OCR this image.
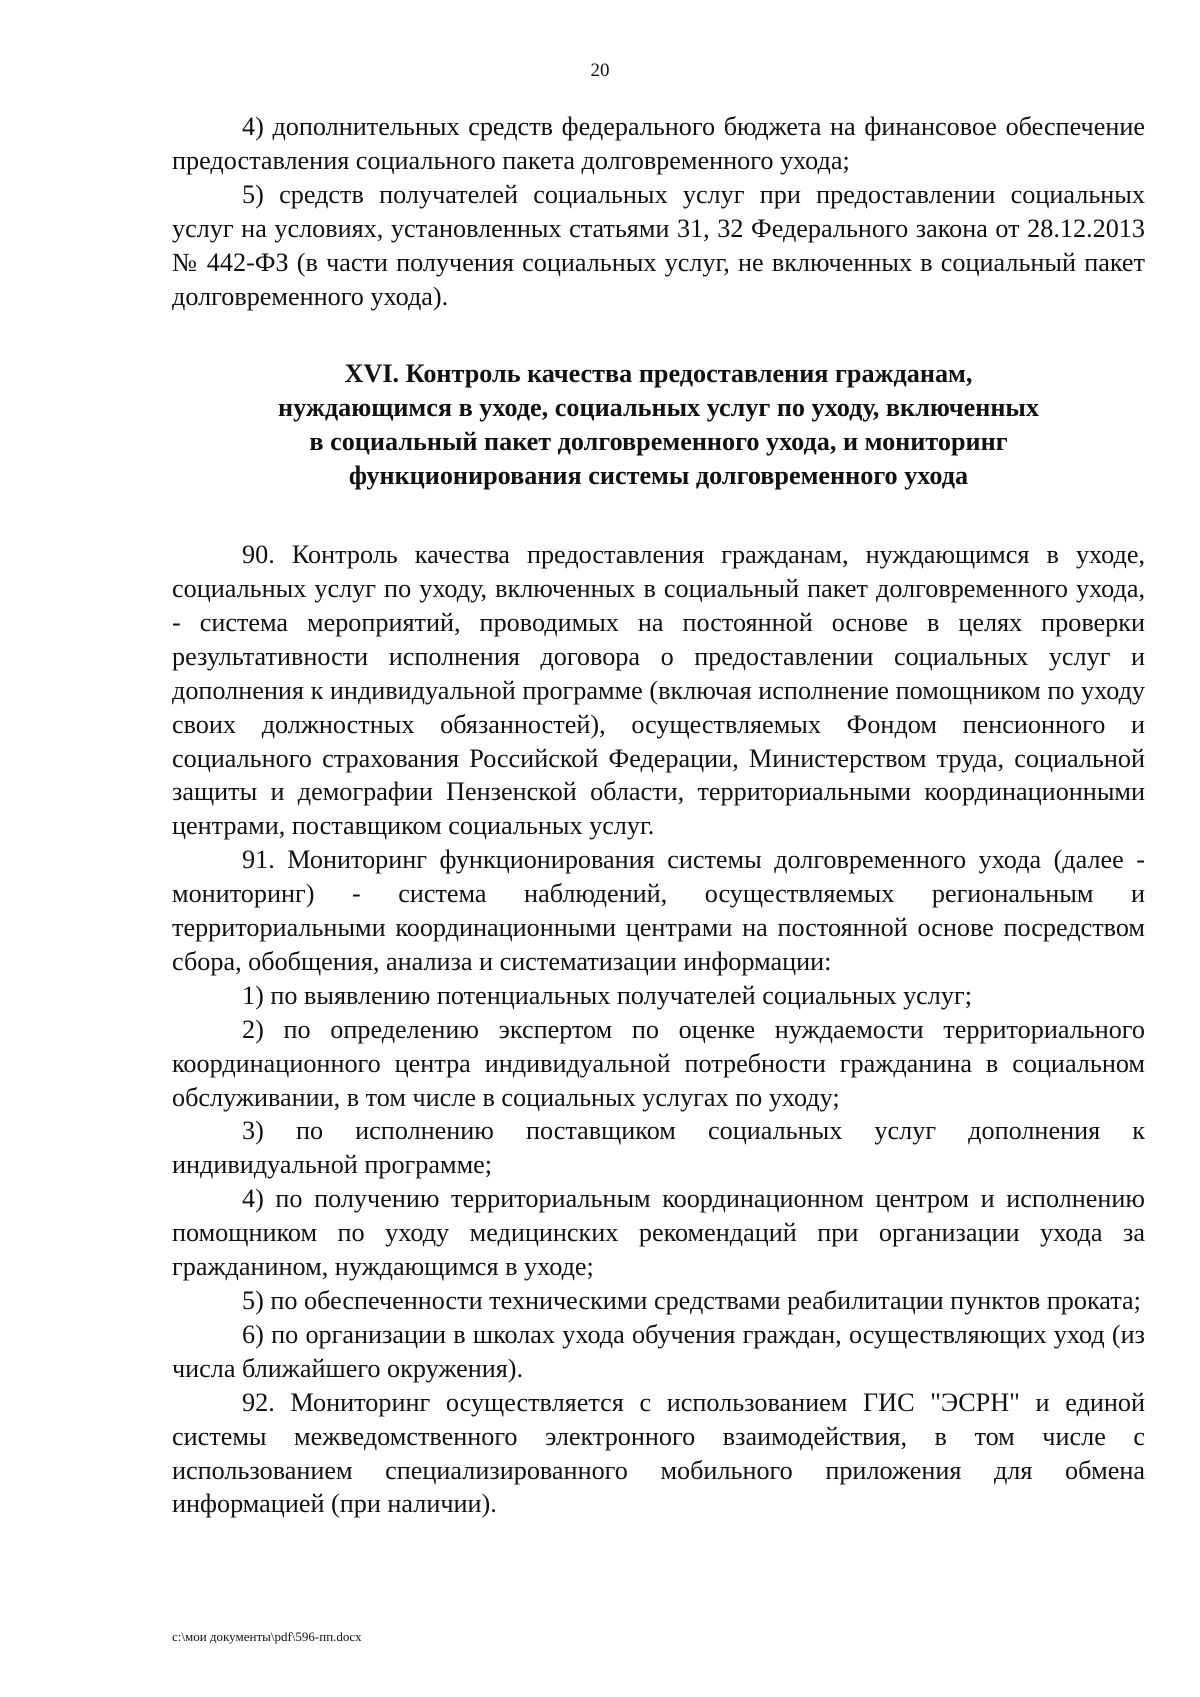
20

4) дополнительных средств федерального бюджета на финансовое обеспечение предоставления социального пакета долговременного ухода;

5) средств получателей социальных услуг при предоставлении социальных услуг на условиях, установленных статьями 31, 32 Федерального закона от 28.12.2013 № 442-ФЗ (в части получения социальных услуг, не включенных в социальный пакет долговременного ухода).

XVI. Контроль качества предоставления гражданам,
нуждающимся в уходе, социальных услуг по уходу, включенных
в социальный пакет долговременного ухода, и мониторинг
функционирования системы долговременного ухода

90. Контроль качества предоставления гражданам, нуждающимся в уходе, социальных услуг по уходу, включенных в социальный пакет долговременного ухода, - система мероприятий, проводимых на постоянной основе в целях проверки результативности исполнения договора о предоставлении социальных услуг и дополнения к индивидуальной программе (включая исполнение помощником по уходу своих должностных обязанностей), осуществляемых Фондом пенсионного и социального страхования Российской Федерации, Министерством труда, социальной защиты и демографии Пензенской области, территориальными координационными центрами, поставщиком социальных услуг.

91. Мониторинг функционирования системы долговременного ухода (далее - мониторинг) - система наблюдений, осуществляемых региональным и территориальными координационными центрами на постоянной основе посредством сбора, обобщения, анализа и систематизации информации:

1) по выявлению потенциальных получателей социальных услуг;

2) по определению экспертом по оценке нуждаемости территориального координационного центра индивидуальной потребности гражданина в социальном обслуживании, в том числе в социальных услугах по уходу;

3) по исполнению поставщиком социальных услуг дополнения к индивидуальной программе;

4) по получению территориальным координационном центром и исполнению помощником по уходу медицинских рекомендаций при организации ухода за гражданином, нуждающимся в уходе;

5) по обеспеченности техническими средствами реабилитации пунктов проката;

6) по организации в школах ухода обучения граждан, осуществляющих уход (из числа ближайшего окружения).

92. Мониторинг осуществляется с использованием ГИС "ЭСРН" и единой системы межведомственного электронного взаимодействия, в том числе с использованием специализированного мобильного приложения для обмена информацией (при наличии).

c:\мои документы\pdf\596-пп.docx
